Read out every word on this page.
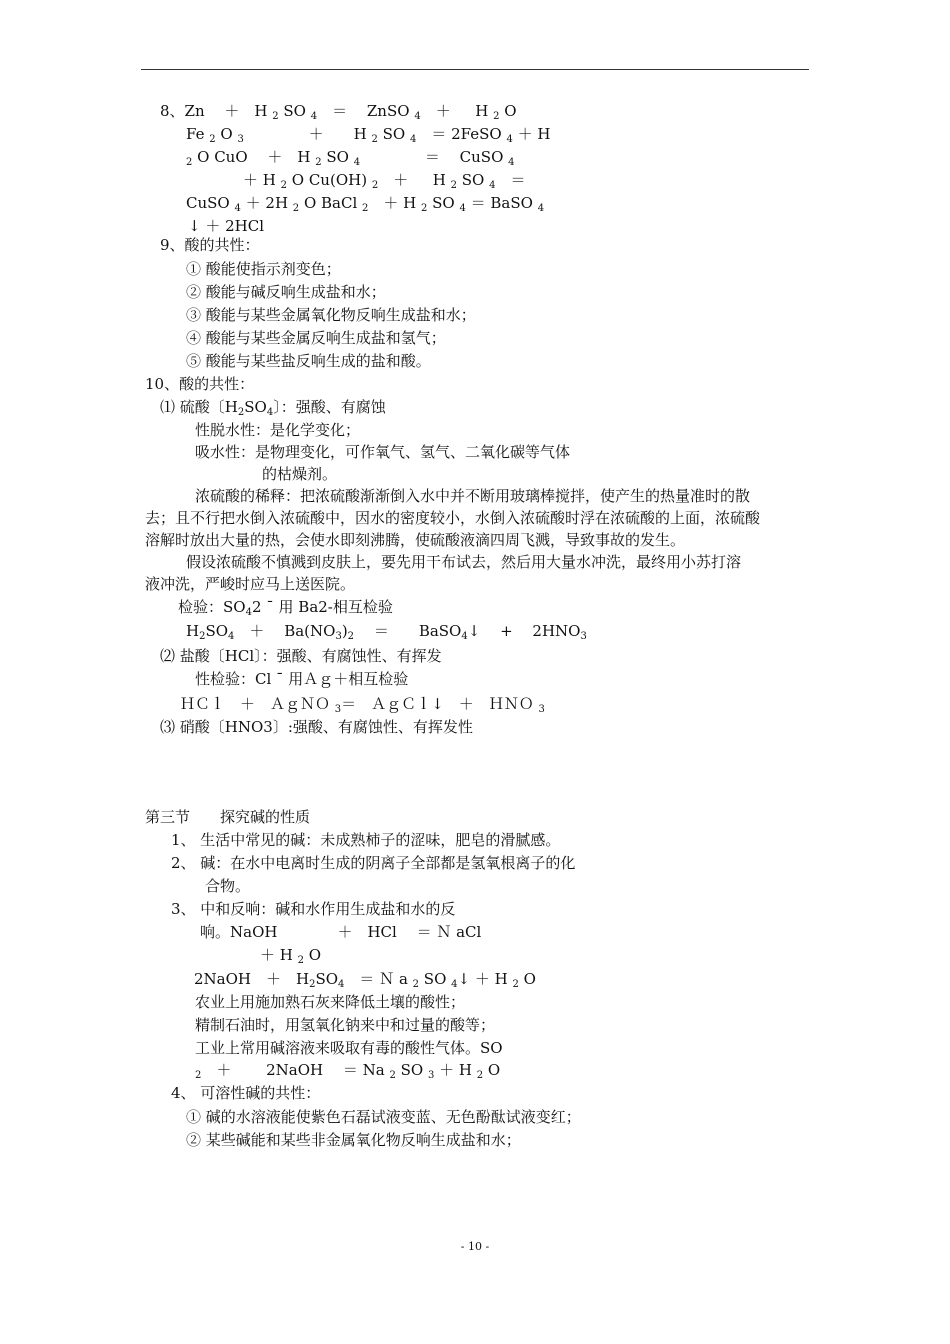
8、Zn　 ＋　H $_2$ SO $_4$　＝　 ZnSO $_4$　＋ 　 H $_2$ O
Fe $_2$ O $_3$　　　　 ＋　　H $_2$ SO $_4$　＝ 2FeSO $_4$ ＋ H
$_2$ O CuO　 ＋　H $_2$ SO $_4$　　　　 ＝　 CuSO $_4$
＋ H $_2$ O Cu(OH) $_2$　＋ 　 H $_2$ SO $_4$　＝
CuSO $_4$ ＋ 2H $_2$ O BaCl $_2$　＋ H $_2$ SO $_4$ ＝ BaSO $_4$
↓ ＋ 2HCl
9、酸的共性：
① 酸能使指示剂变色；
② 酸能与碱反响生成盐和水；
③ 酸能与某些金属氧化物反响生成盐和水；
④ 酸能与某些金属反响生成盐和氢气；
⑤ 酸能与某些盐反响生成的盐和酸。
10、酸的共性：
⑴ 硫酸〔$H_2SO_4$〕：强酸、有腐蚀
性脱水性：是化学变化；
吸水性：是物理变化，可作氧气、氢气、二氧化碳等气体
的枯燥剂。
浓硫酸的稀释：把浓硫酸渐渐倒入水中并不断用玻璃棒搅拌，使产生的热量准时的散
去；且不行把水倒入浓硫酸中，因水的密度较小，水倒入浓硫酸时浮在浓硫酸的上面，浓硫酸
溶解时放出大量的热，会使水即刻沸腾，使硫酸液滴四周飞溅，导致事故的发生。
假设浓硫酸不慎溅到皮肤上，要先用干布试去，然后用大量水冲洗，最终用小苏打溶
液冲洗，严峻时应马上送医院。
检验：$SO_42$ ¯ 用 Ba2-相互检验
$H_2SO_4$　＋　 $Ba(NO_3)_2$　 ＝　　BaSO$_4$↓　 +　 $2HNO_3$
⑵ 盐酸〔HCl〕：强酸、有腐蚀性、有挥发
性检验：Cl ¯ 用Ａｇ＋相互检验
ＨＣｌ　＋　ＡｇＮＯ $_3$＝　ＡｇＣｌ↓　＋　ＨＮＯ $_3$
⑶ 硝酸〔HNO3〕:强酸、有腐蚀性、有挥发性
第三节　　探究碱的性质
1、 生活中常见的碱：未成熟柿子的涩味，肥皂的滑腻感。
2、 碱：在水中电离时生成的阴离子全部都是氢氧根离子的化
合物。
3、 中和反响：碱和水作用生成盐和水的反
响。NaOH　　　　＋　HCl　 ＝ Ｎ aCl
＋ H $_2$ O
2NaOH　＋　$H_2SO_4$　＝ Ｎ a $_2$ SO $_4$↓ ＋ H $_2$ O
农业上用施加熟石灰来降低土壤的酸性；
精制石油时，用氢氧化钠来中和过量的酸等；
工业上常用碱溶液来吸取有毒的酸性气体。SO
$_2$　＋　　 2NaOH　 ＝ Na $_2$ SO $_3$ ＋ H $_2$ O
4、 可溶性碱的共性：
① 碱的水溶液能使紫色石磊试液变蓝、无色酚酞试液变红；
② 某些碱能和某些非金属氧化物反响生成盐和水；
- 10 -
